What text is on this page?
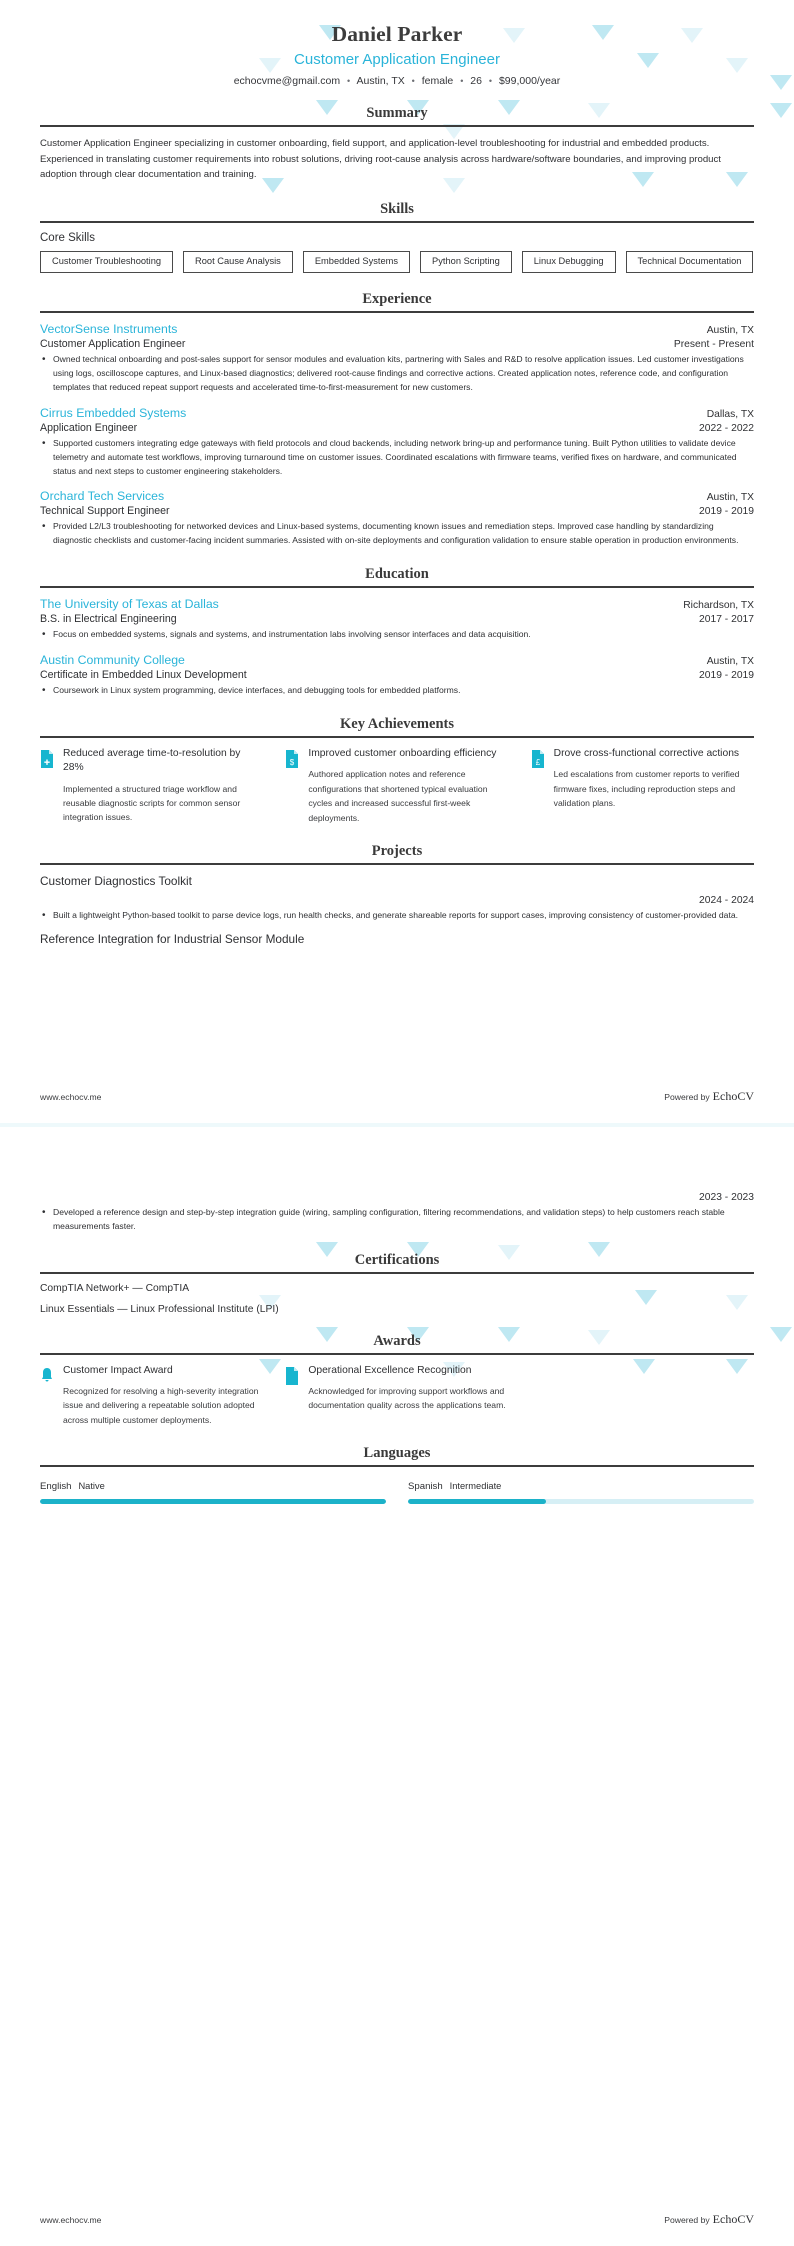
Daniel Parker
Customer Application Engineer
echocvme@gmail.com • Austin, TX • female • 26 • $99,000/year
Summary
Customer Application Engineer specializing in customer onboarding, field support, and application-level troubleshooting for industrial and embedded products. Experienced in translating customer requirements into robust solutions, driving root-cause analysis across hardware/software boundaries, and improving product adoption through clear documentation and training.
Skills
Core Skills
Customer Troubleshooting	Root Cause Analysis	Embedded Systems	Python Scripting	Linux Debugging	Technical Documentation
Experience
VectorSense Instruments	Austin, TX
Customer Application Engineer	Present - Present
• Owned technical onboarding and post-sales support for sensor modules and evaluation kits, partnering with Sales and R&D to resolve application issues. Led customer investigations using logs, oscilloscope captures, and Linux-based diagnostics; delivered root-cause findings and corrective actions. Created application notes, reference code, and configuration templates that reduced repeat support requests and accelerated time-to-first-measurement for new customers.
Cirrus Embedded Systems	Dallas, TX
Application Engineer	2022 - 2022
• Supported customers integrating edge gateways with field protocols and cloud backends, including network bring-up and performance tuning. Built Python utilities to validate device telemetry and automate test workflows, improving turnaround time on customer issues. Coordinated escalations with firmware teams, verified fixes on hardware, and communicated status and next steps to customer engineering stakeholders.
Orchard Tech Services	Austin, TX
Technical Support Engineer	2019 - 2019
• Provided L2/L3 troubleshooting for networked devices and Linux-based systems, documenting known issues and remediation steps. Improved case handling by standardizing diagnostic checklists and customer-facing incident summaries. Assisted with on-site deployments and configuration validation to ensure stable operation in production environments.
Education
The University of Texas at Dallas	Richardson, TX
B.S. in Electrical Engineering	2017 - 2017
• Focus on embedded systems, signals and systems, and instrumentation labs involving sensor interfaces and data acquisition.
Austin Community College	Austin, TX
Certificate in Embedded Linux Development	2019 - 2019
• Coursework in Linux system programming, device interfaces, and debugging tools for embedded platforms.
Key Achievements
Reduced average time-to-resolution by 28%
Implemented a structured triage workflow and reusable diagnostic scripts for common sensor integration issues.
$
Improved customer onboarding efficiency
Authored application notes and reference configurations that shortened typical evaluation cycles and increased successful first-week deployments.
£
Drove cross-functional corrective actions
Led escalations from customer reports to verified firmware fixes, including reproduction steps and validation plans.
Projects
Customer Diagnostics Toolkit
2024 - 2024
• Built a lightweight Python-based toolkit to parse device logs, run health checks, and generate shareable reports for support cases, improving consistency of customer-provided data.
Reference Integration for Industrial Sensor Module
www.echocv.me	Powered by EchoCV
2023 - 2023
• Developed a reference design and step-by-step integration guide (wiring, sampling configuration, filtering recommendations, and validation steps) to help customers reach stable measurements faster.
Certifications
CompTIA Network+ — CompTIA
Linux Essentials — Linux Professional Institute (LPI)
Awards
Customer Impact Award
Recognized for resolving a high-severity integration issue and delivering a repeatable solution adopted across multiple customer deployments.
Operational Excellence Recognition
Acknowledged for improving support workflows and documentation quality across the applications team.
Languages
English Native	Spanish Intermediate
www.echocv.me	Powered by EchoCV
